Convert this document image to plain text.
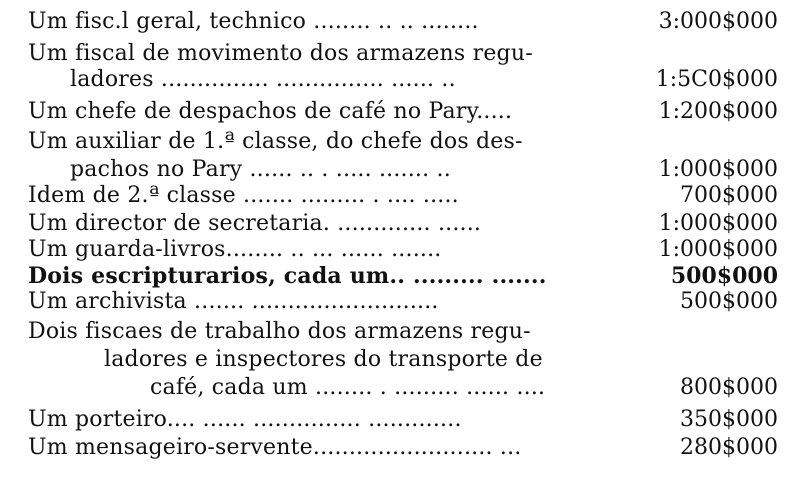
Um fisc.l geral, technico ........ .. .. ........	3:000$000
Um fiscal de movimento dos armazens regu-
ladores ............... ............... ...... ..	1:5C0$000
Um chefe de despachos de café no Pary.....	1:200$000
Um auxiliar de 1.ª classe, do chefe dos des-
pachos no Pary ...... .. . ..... ....... ..	1:000$000
Idem de 2.ª classe ....... ......... . .... .....	700$000
Um director de secretaria. ............. ......	1:000$000
Um guarda-livros........ .. ... ...... .......	1:000$000
Dois escripturarios, cada um.. ......... .......	500$000
Um archivista ....... ..........................	500$000
Dois fiscaes de trabalho dos armazens regu-
ladores e inspectores do transporte de
café, cada um ........ . ......... ...... ....	800$000
Um porteiro.... ...... ............... .............	350$000
Um mensageiro-servente......................... ...	280$000
